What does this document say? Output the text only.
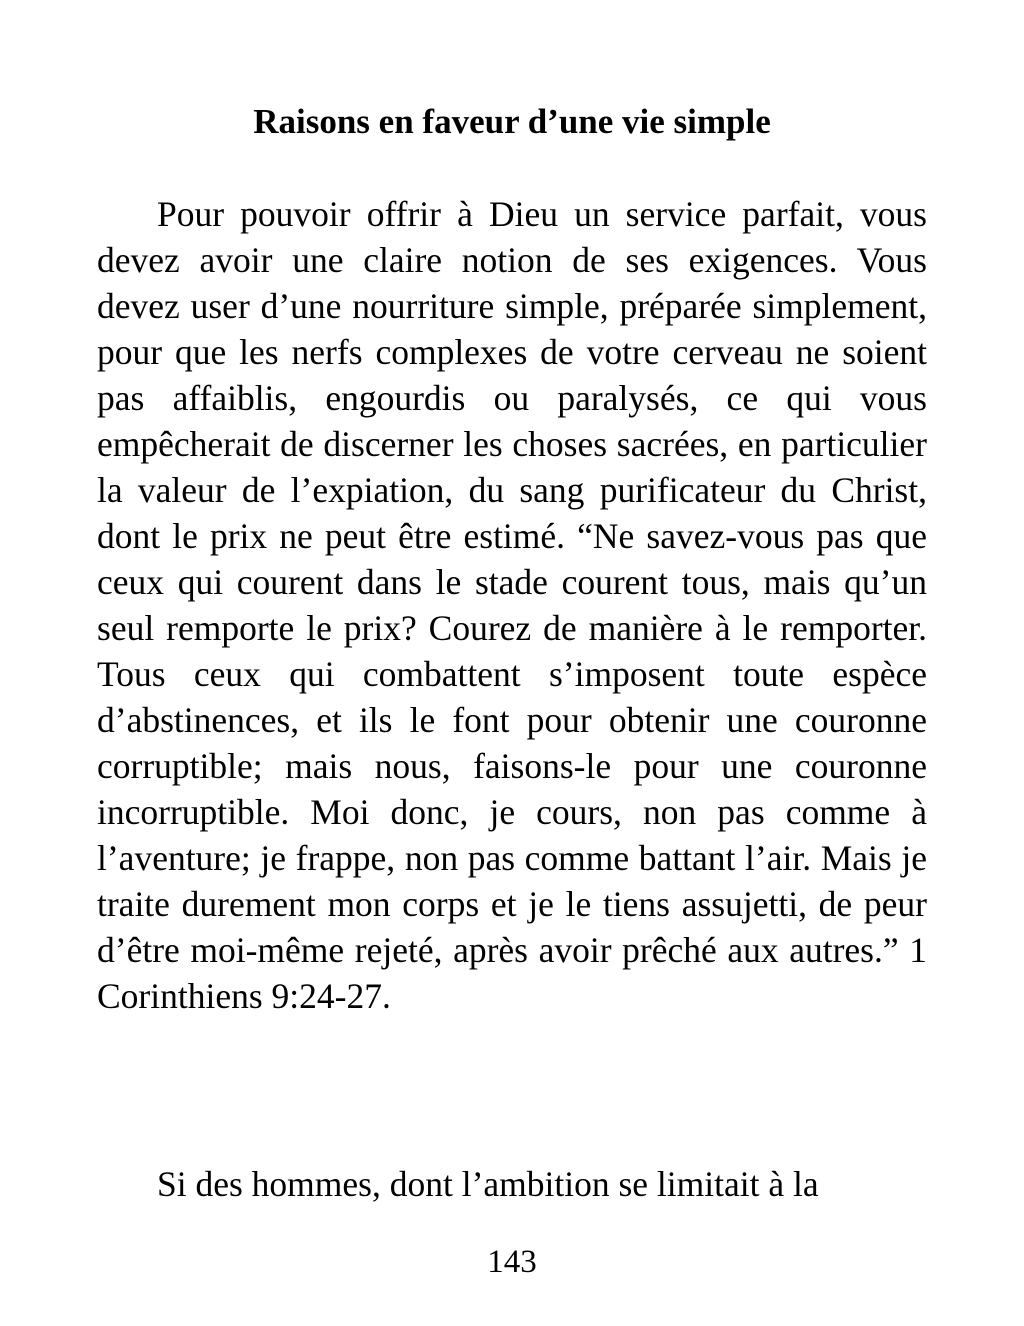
Raisons en faveur d’une vie simple

Pour pouvoir offrir à Dieu un service parfait, vous devez avoir une claire notion de ses exigences. Vous devez user d’une nourriture simple, préparée simplement, pour que les nerfs complexes de votre cerveau ne soient pas affaiblis, engourdis ou paralysés, ce qui vous empêcherait de discerner les choses sacrées, en particulier la valeur de l’expiation, du sang purificateur du Christ, dont le prix ne peut être estimé. “Ne savez-vous pas que ceux qui courent dans le stade courent tous, mais qu’un seul remporte le prix? Courez de manière à le remporter. Tous ceux qui combattent s’imposent toute espèce d’abstinences, et ils le font pour obtenir une couronne corruptible; mais nous, faisons-le pour une couronne incorruptible. Moi donc, je cours, non pas comme à l’aventure; je frappe, non pas comme battant l’air. Mais je traite durement mon corps et je le tiens assujetti, de peur d’être moi-même rejeté, après avoir prêché aux autres.” 1 Corinthiens 9:24-27.

Si des hommes, dont l’ambition se limitait à la

143
